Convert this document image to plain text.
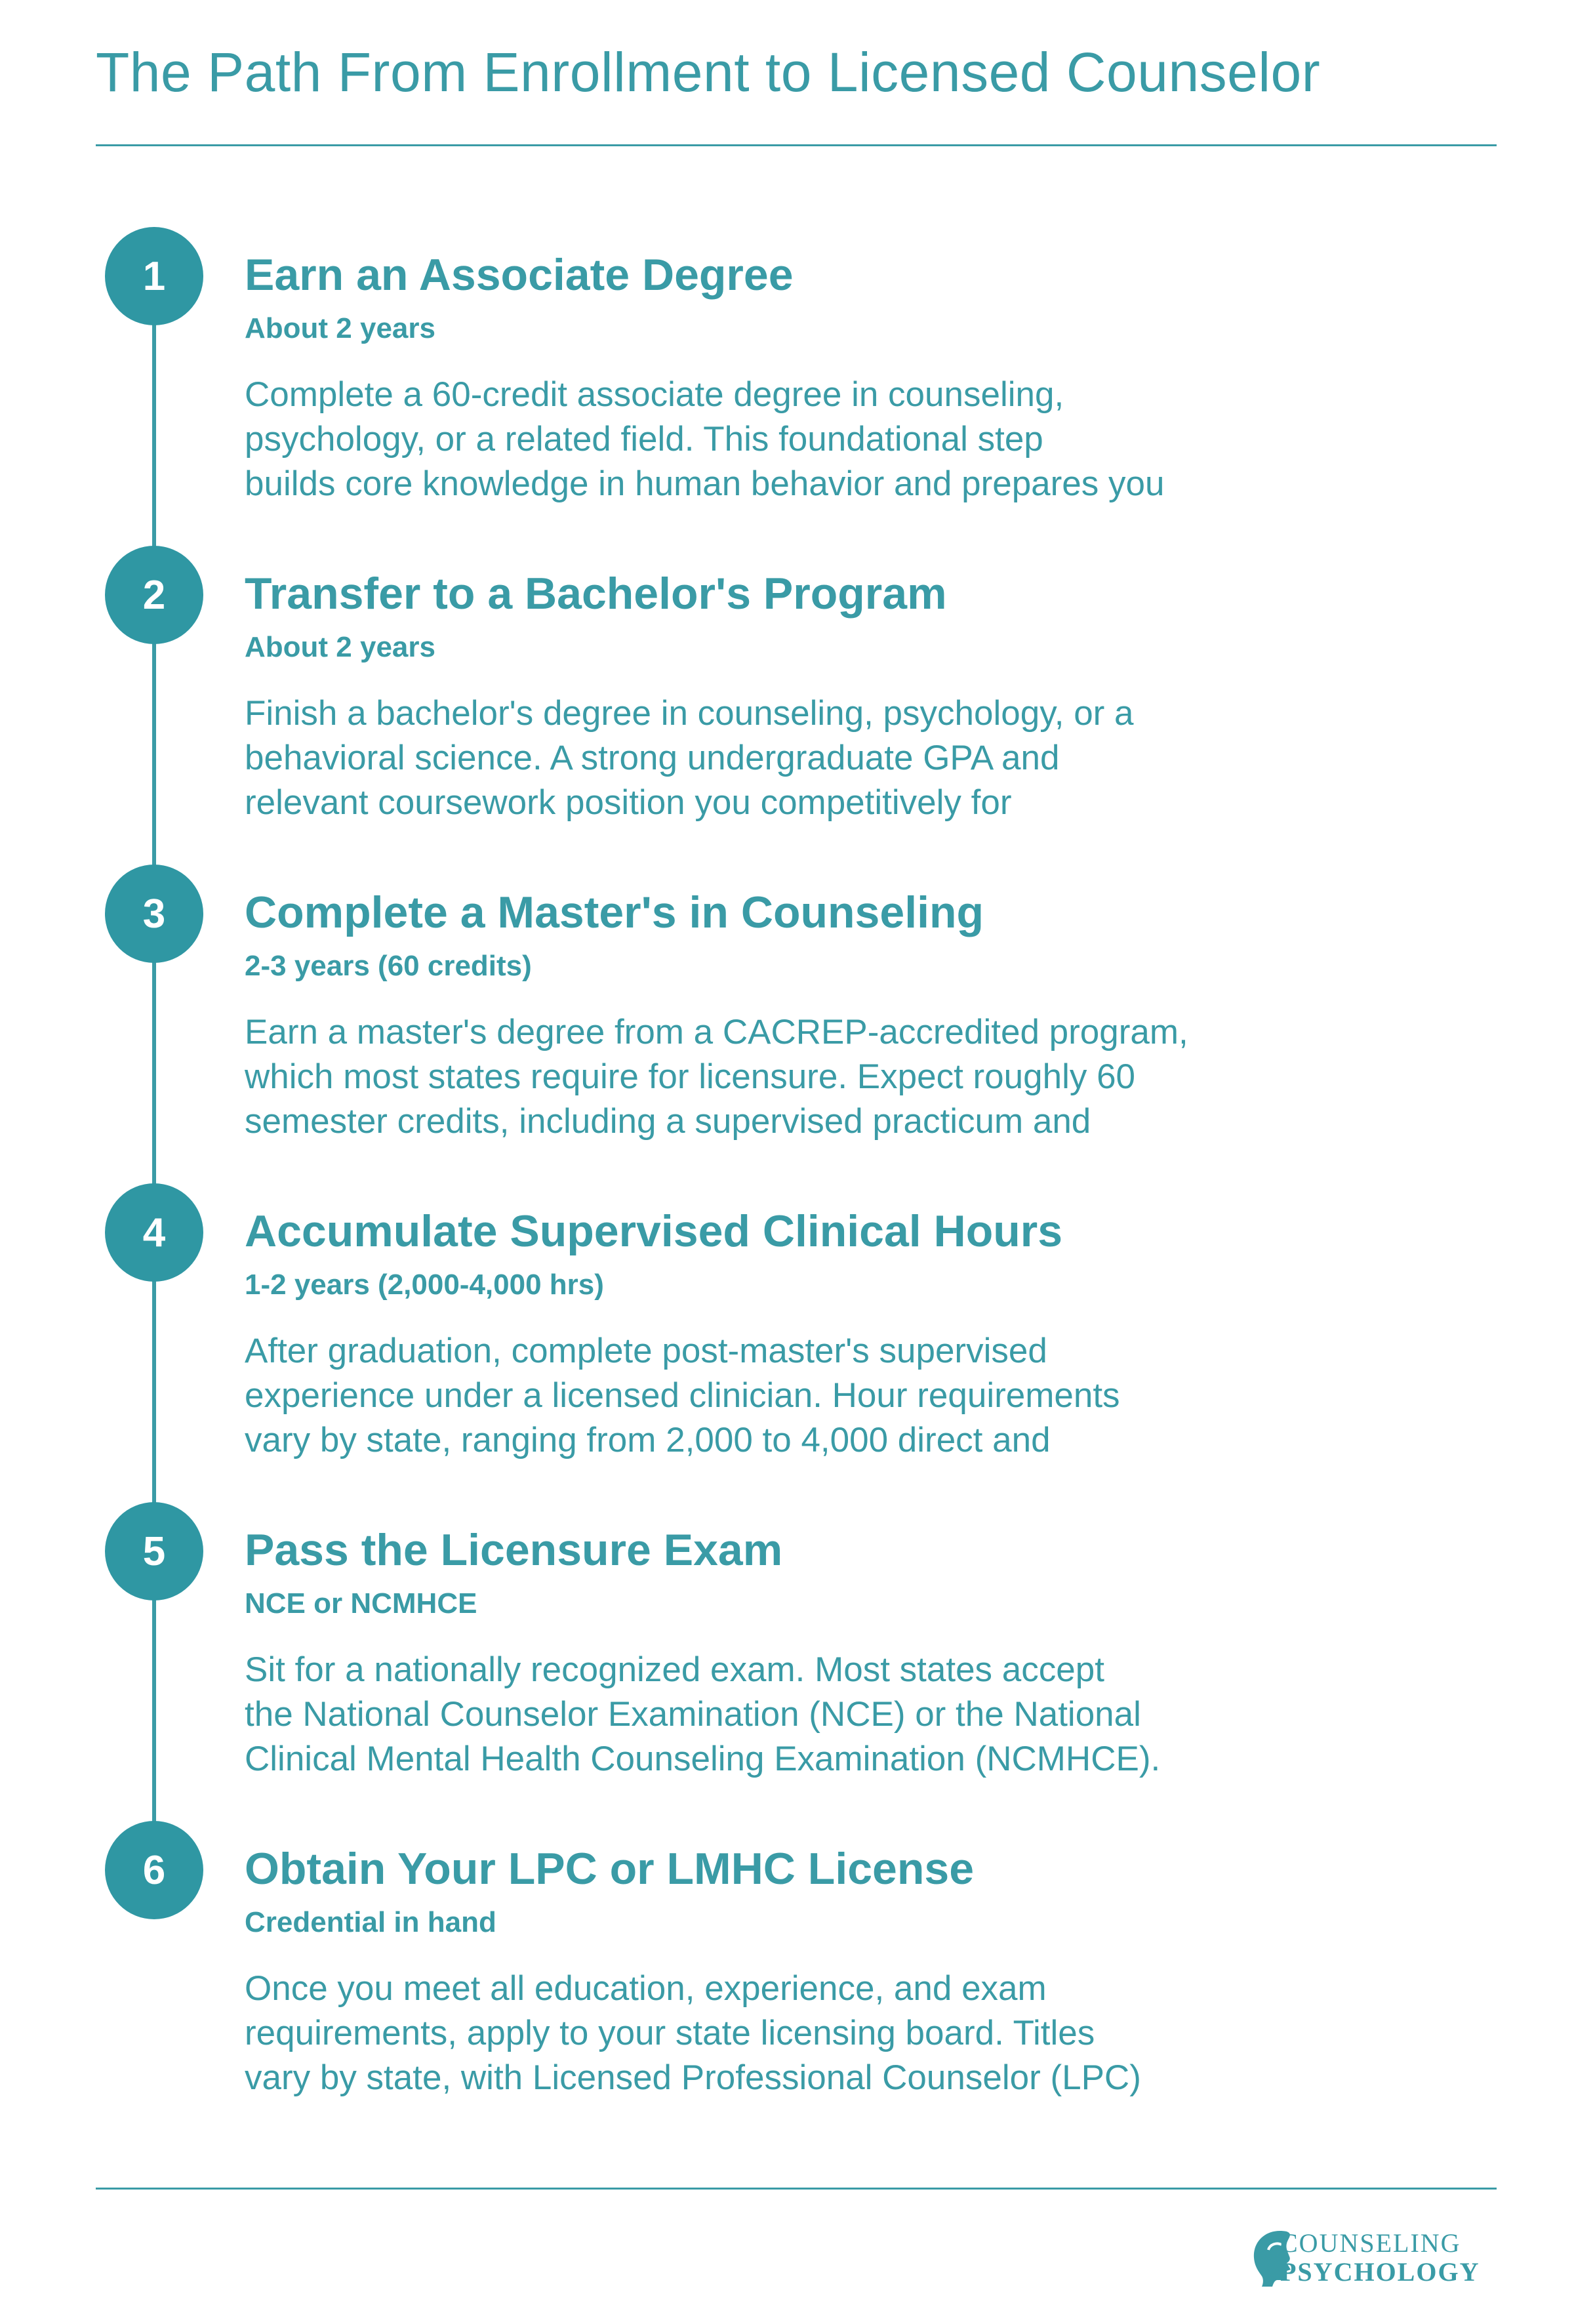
The Path From Enrollment to Licensed Counselor
1	Earn an Associate Degree
About 2 years
Complete a 60-credit associate degree in counseling,
psychology, or a related field. This foundational step
builds core knowledge in human behavior and prepares you
2	Transfer to a Bachelor's Program
About 2 years
Finish a bachelor's degree in counseling, psychology, or a
behavioral science. A strong undergraduate GPA and
relevant coursework position you competitively for
3	Complete a Master's in Counseling
2-3 years (60 credits)
Earn a master's degree from a CACREP-accredited program,
which most states require for licensure. Expect roughly 60
semester credits, including a supervised practicum and
4	Accumulate Supervised Clinical Hours
1-2 years (2,000-4,000 hrs)
After graduation, complete post-master's supervised
experience under a licensed clinician. Hour requirements
vary by state, ranging from 2,000 to 4,000 direct and
5	Pass the Licensure Exam
NCE or NCMHCE
Sit for a nationally recognized exam. Most states accept
the National Counselor Examination (NCE) or the National
Clinical Mental Health Counseling Examination (NCMHCE).
6	Obtain Your LPC or LMHC License
Credential in hand
Once you meet all education, experience, and exam
requirements, apply to your state licensing board. Titles
vary by state, with Licensed Professional Counselor (LPC)
COUNSELING
PSYCHOLOGY
